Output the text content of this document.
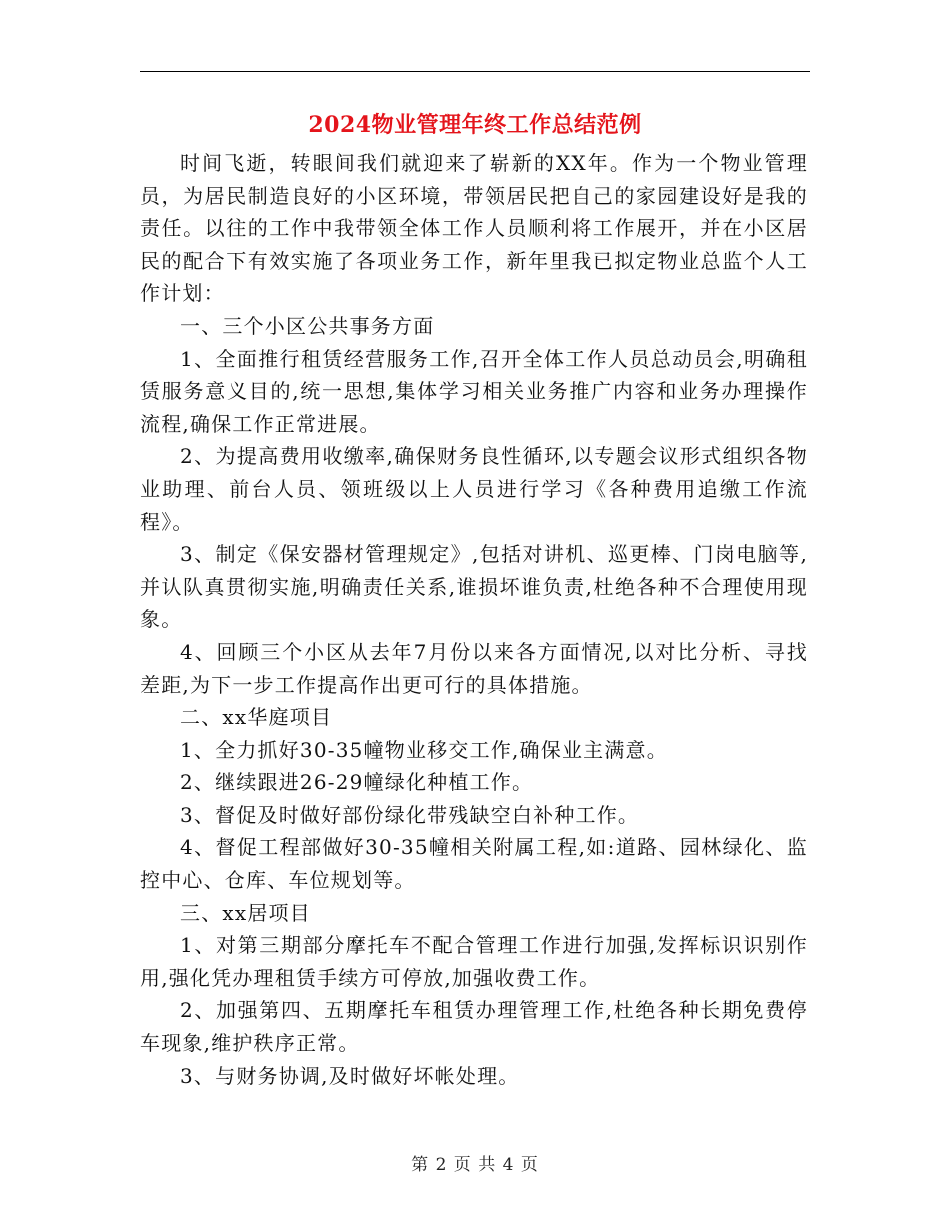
2024物业管理年终工作总结范例

时间飞逝，转眼间我们就迎来了崭新的XX年。作为一个物业管理员，为居民制造良好的小区环境，带领居民把自己的家园建设好是我的责任。以往的工作中我带领全体工作人员顺利将工作展开，并在小区居民的配合下有效实施了各项业务工作，新年里我已拟定物业总监个人工作计划：

一、三个小区公共事务方面

1、全面推行租赁经营服务工作,召开全体工作人员总动员会,明确租赁服务意义目的,统一思想,集体学习相关业务推广内容和业务办理操作流程,确保工作正常进展。

2、为提高费用收缴率,确保财务良性循环,以专题会议形式组织各物业助理、前台人员、领班级以上人员进行学习《各种费用追缴工作流程》。

3、制定《保安器材管理规定》,包括对讲机、巡更棒、门岗电脑等,并认队真贯彻实施,明确责任关系,谁损坏谁负责,杜绝各种不合理使用现象。

4、回顾三个小区从去年7月份以来各方面情况,以对比分析、寻找差距,为下一步工作提高作出更可行的具体措施。

二、xx华庭项目

1、全力抓好30-35幢物业移交工作,确保业主满意。

2、继续跟进26-29幢绿化种植工作。

3、督促及时做好部份绿化带残缺空白补种工作。

4、督促工程部做好30-35幢相关附属工程,如:道路、园林绿化、监控中心、仓库、车位规划等。

三、xx居项目

1、对第三期部分摩托车不配合管理工作进行加强,发挥标识识别作用,强化凭办理租赁手续方可停放,加强收费工作。

2、加强第四、五期摩托车租赁办理管理工作,杜绝各种长期免费停车现象,维护秩序正常。

3、与财务协调,及时做好坏帐处理。

第 2 页 共 4 页
